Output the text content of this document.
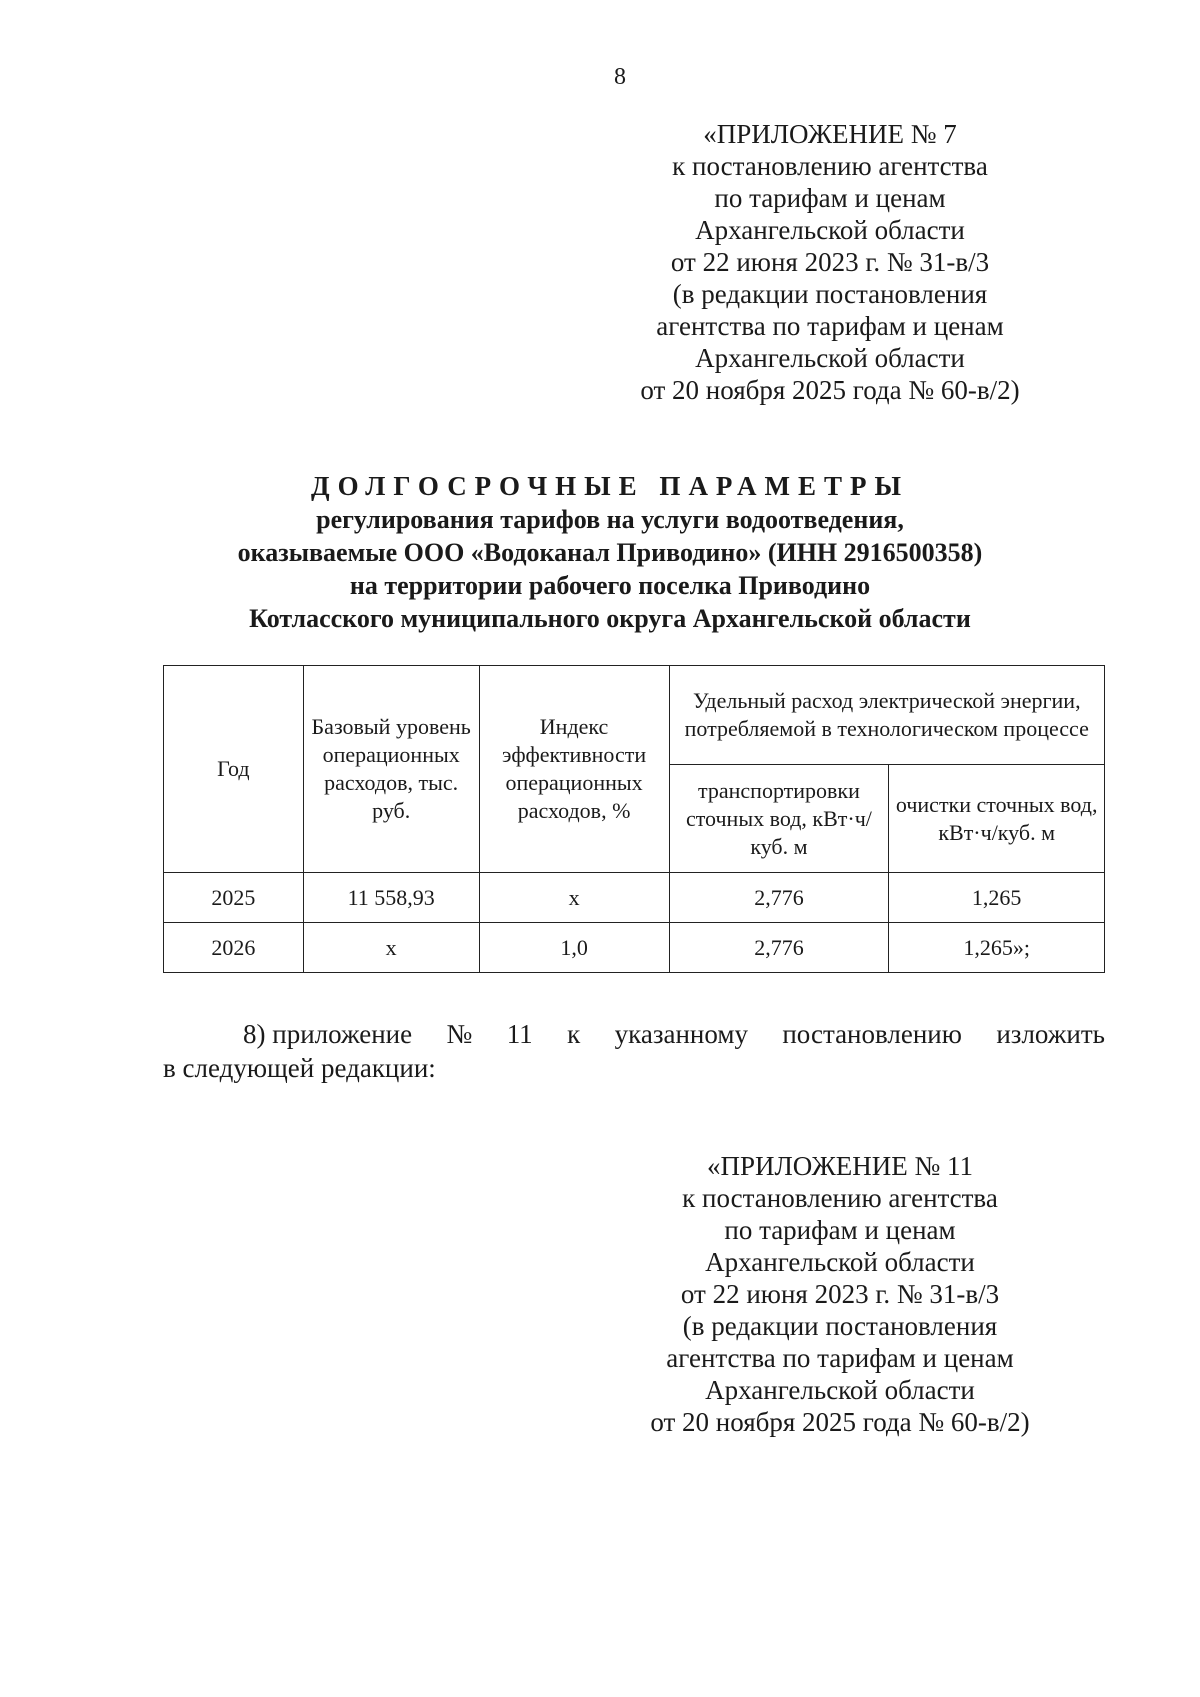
8
«ПРИЛОЖЕНИЕ № 7
к постановлению агентства
по тарифам и ценам
Архангельской области
от 22 июня 2023 г. № 31-в/3
(в редакции постановления
агентства по тарифам и ценам
Архангельской области
от 20 ноября 2025 года № 60-в/2)
ДОЛГОСРОЧНЫЕ ПАРАМЕТРЫ
регулирования тарифов на услуги водоотведения,
оказываемые ООО «Водоканал Приводино» (ИНН 2916500358)
на территории рабочего поселка Приводино
Котласского муниципального округа Архангельской области
Год	Базовый уровень операционных расходов, тыс. руб.	Индекс эффективности операционных расходов, %	Удельный расход электрической энергии, потребляемой в технологическом процессе	
			транспортировки сточных вод, кВт·ч/куб. м	очистки сточных вод, кВт·ч/куб. м
2025	11 558,93	х	2,776	1,265
2026	х	1,0	2,776	1,265»;
8) приложение № 11 к указанному постановлению изложить
в следующей редакции:
«ПРИЛОЖЕНИЕ № 11
к постановлению агентства
по тарифам и ценам
Архангельской области
от 22 июня 2023 г. № 31-в/3
(в редакции постановления
агентства по тарифам и ценам
Архангельской области
от 20 ноября 2025 года № 60-в/2)
